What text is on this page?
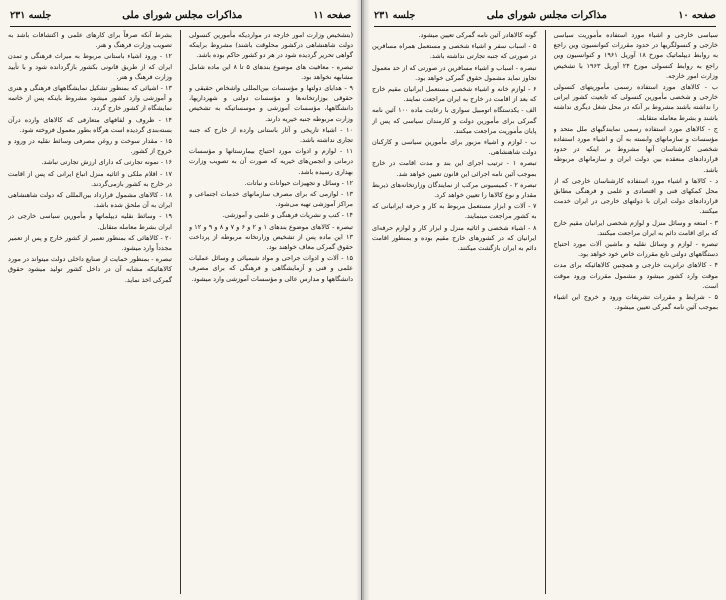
صفحه ۱۱
مذاکرات مجلس شورای ملی
جلسه ۲۳۱

(بتشخیص وزارت امور خارجه در مواردیکه مأمورین کنسولی دولت شاهنشاهی درکشور محلوقت باشند) مشروط براینکه گواهی تحریر گردیده شود در هر دو کشور حاکم بوده باشد.

تبصره - معافیت های موضوع بندهای ۵ تا ۸ این ماده شامل مشابهه نخواهد بود.

۹ - هدایای دولتها و مؤسسات بین‌المللی واشخاص حقیقی و حقوقی بوزارتخانه‌ها و مؤسسات دولتی و شهرداریها، دانشگاهها، مؤسسات آموزشی و موسساتیکه به تشخیص وزارت مربوطه جنبه خیریه دارند.

۱۰ - اشیاء تاریخی و آثار باستانی وارده از خارج که جنبه تجاری نداشته باشد.

۱۱ - لوازم و ادوات مورد احتیاج بیمارستانها و مؤسسات درمانی و انجمن‌های خیریه که صورت آن به تصویب وزارت بهداری رسیده باشد.

۱۲ - وسائل و تجهیزات حیوانات و نباتات.

۱۳ - لوازمی که برای مصرف سازمانهای خدمات اجتماعی و مراکز آموزشی تهیه می‌شود.

۱۴ - کتب و نشریات فرهنگی و علمی و آموزشی.

تبصره - کالاهای موضوع بندهای ۱ و ۲ و ۶ و ۷ و ۸ و ۹ و ۱۲ و ۱۳ این ماده پس از تشخیص وزارتخانه مربوطه از پرداخت حقوق گمرکی معاف خواهند بود.

۱۵ - آلات و ادوات جراحی و مواد شیمیائی و وسائل عملیات علمی و فنی و آزمایشگاهی و فرهنگی که برای مصرف دانشگاهها و مدارس عالی و مؤسسات آموزشی وارد میشود.

بشرط آنکه صرفاً برای کارهای علمی و اکتشافات باشد به تصویب وزارت فرهنگ و هنر.

۱۲ - ورود اشیاء باستانی مربوط به میراث فرهنگی و تمدن ایران که از طریق قانونی بکشور بازگردانده شود و با تأیید وزارت فرهنگ و هنر.

۱۳ - اشیائی که بمنظور تشکیل نمایشگاههای فرهنگی و هنری و آموزشی وارد کشور میشود مشروط باینکه پس از خاتمه نمایشگاه از کشور خارج گردد.

۱۴ - ظروف و لفافهای متعارفی که کالاهای وارده درآن بسته‌بندی گردیده است هرگاه بطور معمول فروخته شود.

۱۵ - مقدار سوخت و روغن مصرفی وسائط نقلیه در ورود و خروج از کشور.

۱۶ - نمونه تجارتی که دارای ارزش تجارتی نباشد.

۱۷ - اقلام ملکی و اثاثیه منزل اتباع ایرانی که پس از اقامت در خارج به کشور بازمی‌گردند.

۱۸ - کالاهای مشمول قرارداد بین‌المللی که دولت شاهنشاهی ایران به آن ملحق شده باشد.

۱۹ - وسائط نقلیه دیپلماتها و مأمورین سیاسی خارجی در ایران بشرط معامله متقابل.

۲۰ - کالاهائی که بمنظور تعمیر از کشور خارج و پس از تعمیر مجدداً وارد میشود.

تبصره - بمنظور حمایت از صنایع داخلی دولت میتواند در مورد کالاهائیکه مشابه آن در داخل کشور تولید میشود حقوق گمرکی اخذ نماید.

صفحه ۱۰
مذاکرات مجلس شورای ملی
جلسه ۲۳۱

سیاسی خارجی و اشیاء مورد استفاده مأموریت سیاسی خارجی و کنسولگریها در حدود مقررات کنوانسیون وین راجع به روابط دیپلماتیک مورخ ۱۸ آوریل ۱۹۶۱ و کنوانسیون وین راجع به روابط کنسولی مورخ ۲۴ آوریل ۱۹۶۳ با تشخیص وزارت امور خارجه.

ب - کالاهای مورد استفاده رسمی مأموریتهای کنسولی خارجی و شخصی مأمورین کنسولی که تابعیت کشور ایرانی را نداشته باشند مشروط بر آنکه در محل شغل دیگری نداشته باشند و بشرط معامله متقابله.

ج - کالاهای مورد استفاده رسمی نمایندگیهای ملل متحد و مؤسسات و سازمانهای وابسته به آن و اشیاء مورد استفاده شخصی کارشناسان آنها مشروط بر اینکه در حدود قراردادهای منعقده بین دولت ایران و سازمانهای مربوطه باشد.

د - کالاها و اشیاء مورد استفاده کارشناسان خارجی که از محل کمکهای فنی و اقتصادی و علمی و فرهنگی مطابق قراردادهای دولت ایران با دولتهای خارجی در ایران خدمت میکنند.

۳ - امتعه و وسائل منزل و لوازم شخصی ایرانیان مقیم خارج که برای اقامت دائم به ایران مراجعت میکنند.

تبصره - لوازم و وسائل نقلیه و ماشین آلات مورد احتیاج دستگاههای دولتی تابع مقررات خاص خود خواهد بود.

۴ - کالاهای ترانزیت خارجی و همچنین کالاهائیکه برای مدت موقت وارد کشور میشود و مشمول مقررات ورود موقت است.

۵ - شرایط و مقررات تشریفات ورود و خروج این اشیاء بموجب آئین نامه گمرکی تعیین میشود.

گونه کالاهادر آئین نامه گمرکی تعیین میشود.

۵ - اسباب سفر و اشیاء شخصی و مستعمل همراه مسافرین در صورتی که جنبه تجارتی نداشته باشد.

تبصره - اسباب و اشیاء مسافرین در صورتی که از حد معمول تجاوز نماید مشمول حقوق گمرکی خواهد بود.

۶ - لوازم خانه و اشیاء شخصی مستعمل ایرانیان مقیم خارج که بعد از اقامت در خارج به ایران مراجعت نمایند.

الف - یکدستگاه اتومبیل سواری با رعایت ماده ۱۰۰ آئین نامه گمرکی برای مأمورین دولت و کارمندان سیاسی که پس از پایان مأموریت مراجعت میکنند.

ب - لوازم و اشیاء مزبور برای مأمورین سیاسی و کارکنان دولت شاهنشاهی.

تبصره ۱ - ترتیب اجرای این بند و مدت اقامت در خارج بموجب آئین نامه اجرائی این قانون تعیین خواهد شد.

تبصره ۲ - کمیسیونی مرکب از نمایندگان وزارتخانه‌های ذیربط مقدار و نوع کالاها را تعیین خواهد کرد.

۷ - آلات و ابزار مستعمل مربوط به کار و حرفه ایرانیانی که به کشور مراجعت مینمایند.

۸ - اشیاء شخصی و اثاثیه منزل و ابزار کار و لوازم حرفه‌ای ایرانیان که در کشورهای خارج مقیم بوده و بمنظور اقامت دائم به ایران بازگشت میکنند.
